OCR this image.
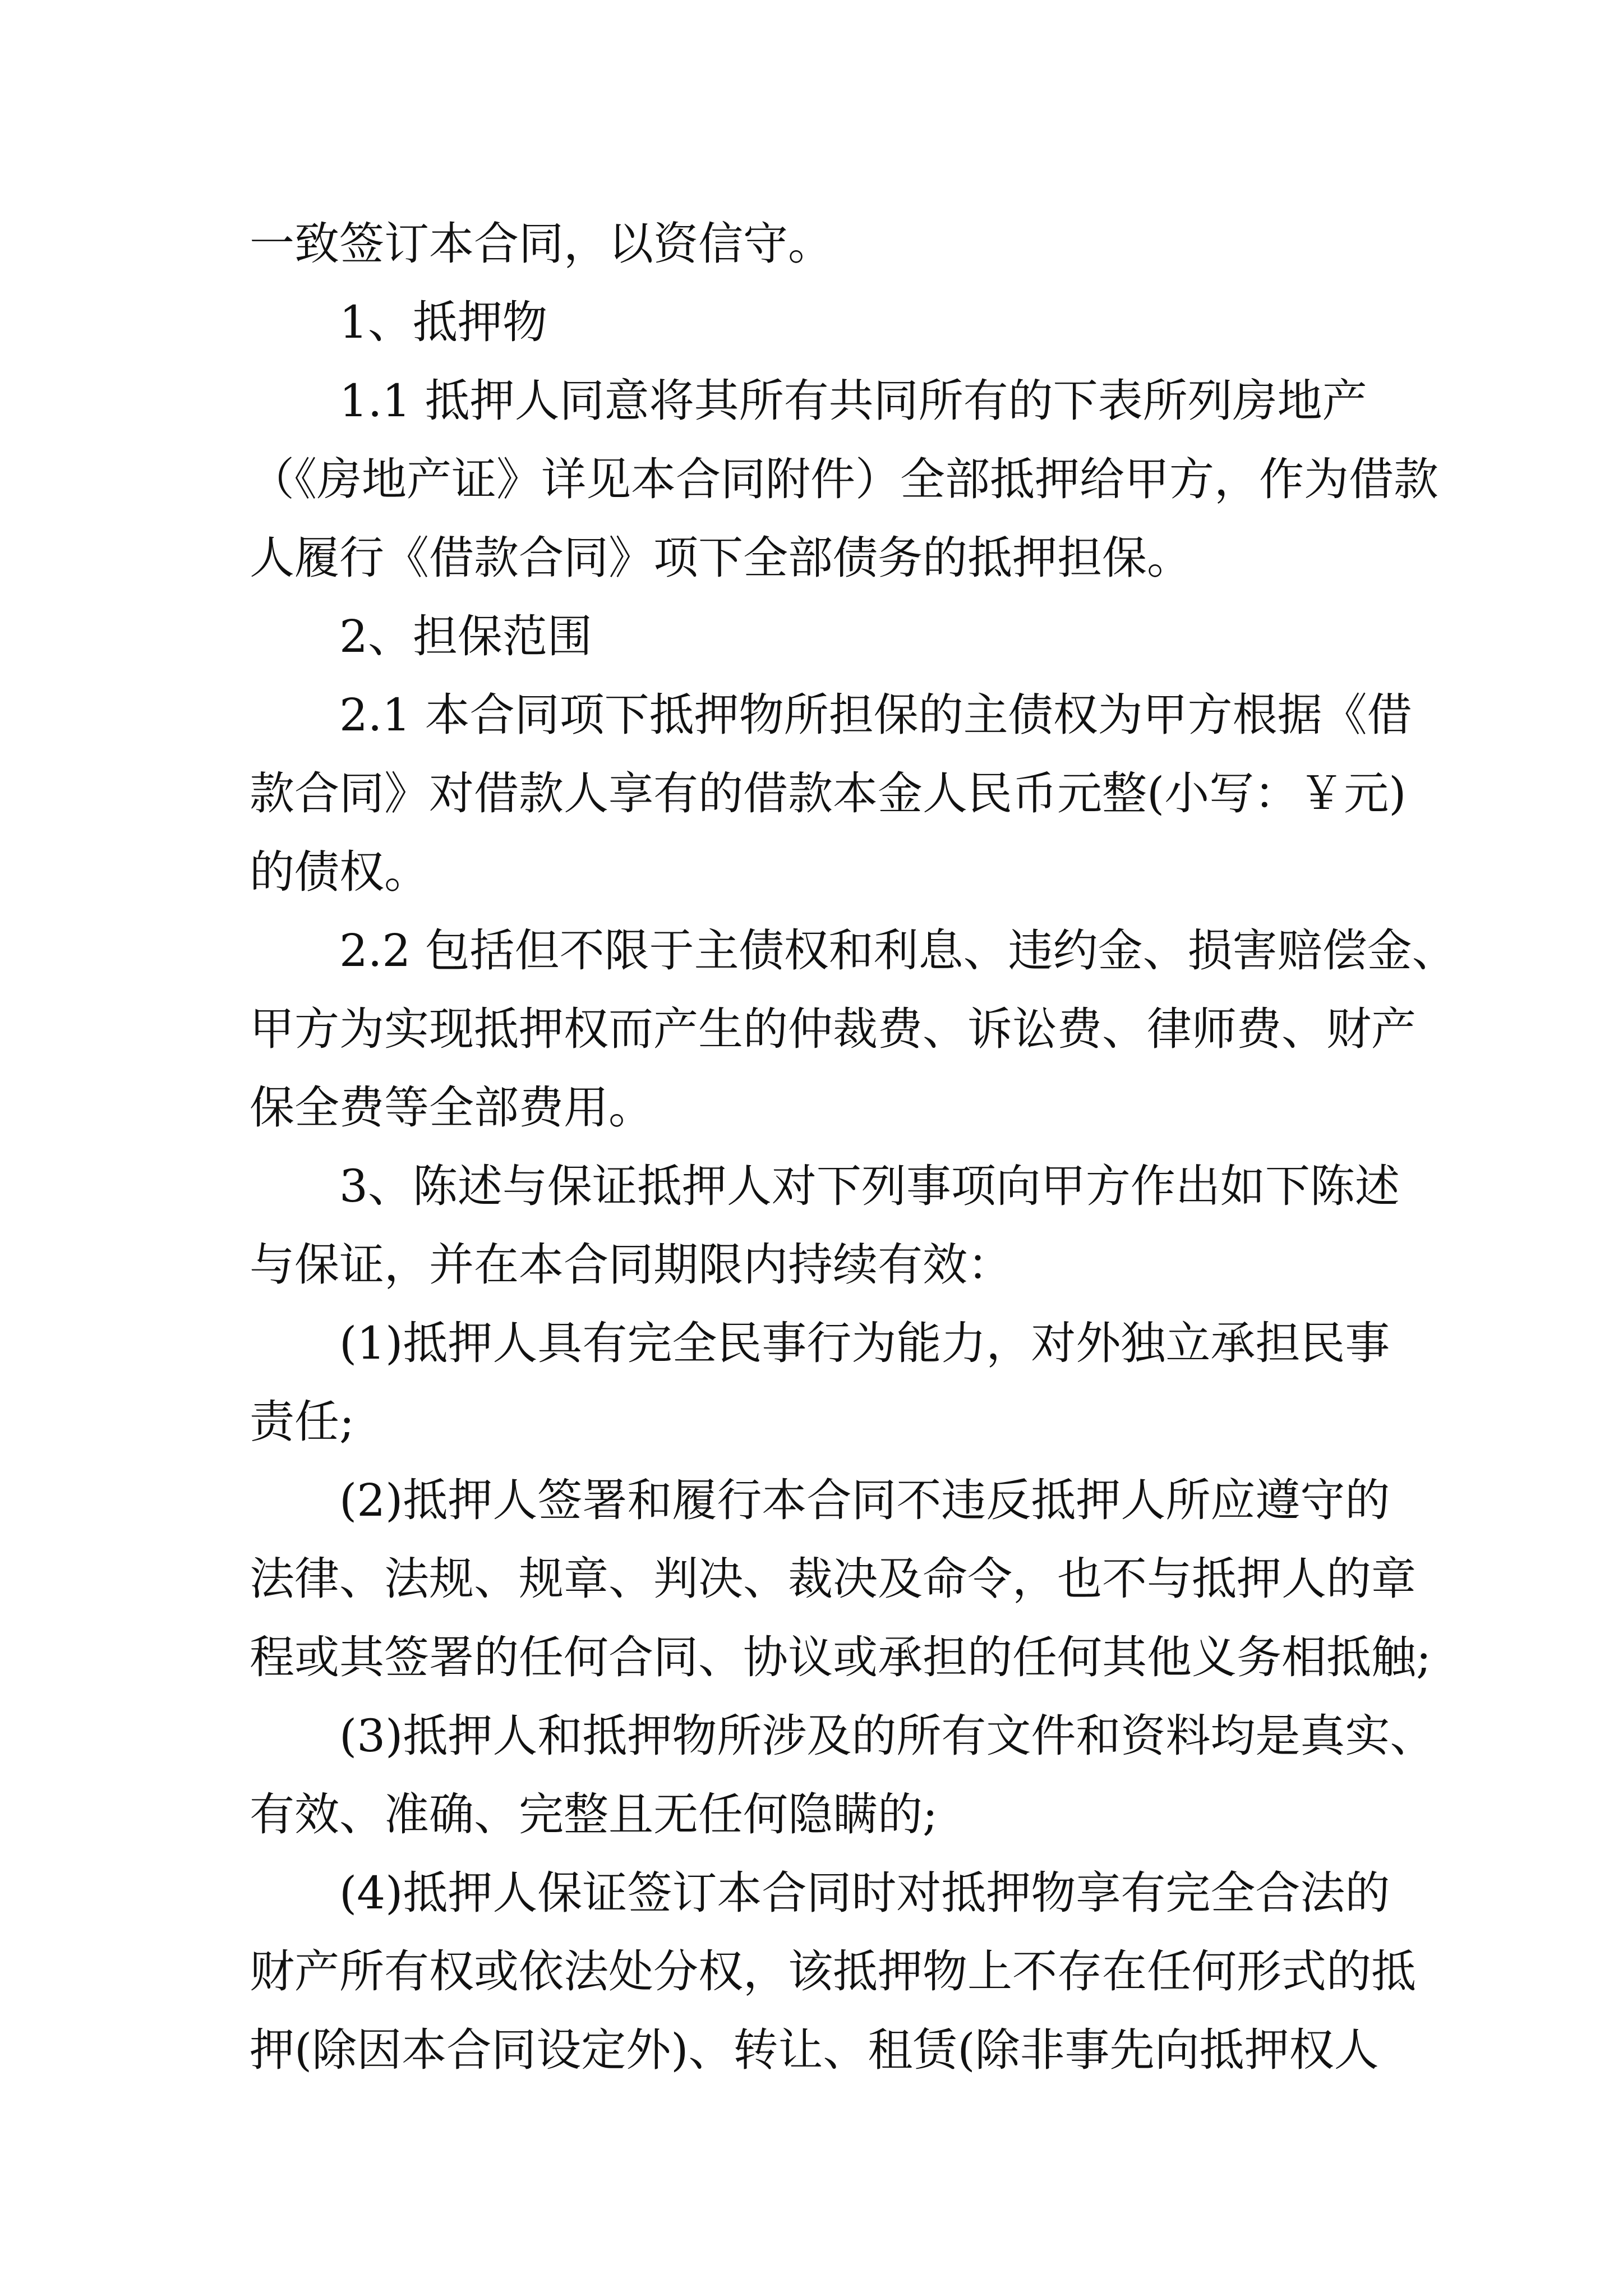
一致签订本合同，以资信守。
　　1、抵押物
　　1.1 抵押人同意将其所有共同所有的下表所列房地产
（《房地产证》详见本合同附件）全部抵押给甲方，作为借款
人履行《借款合同》项下全部债务的抵押担保。
　　2、担保范围
　　2.1 本合同项下抵押物所担保的主债权为甲方根据《借
款合同》对借款人享有的借款本金人民币元整(小写：￥元)
的债权。
　　2.2 包括但不限于主债权和利息、违约金、损害赔偿金、
甲方为实现抵押权而产生的仲裁费、诉讼费、律师费、财产
保全费等全部费用。
　　3、陈述与保证抵押人对下列事项向甲方作出如下陈述
与保证，并在本合同期限内持续有效：
　　(1)抵押人具有完全民事行为能力，对外独立承担民事
责任;
　　(2)抵押人签署和履行本合同不违反抵押人所应遵守的
法律、法规、规章、判决、裁决及命令，也不与抵押人的章
程或其签署的任何合同、协议或承担的任何其他义务相抵触;
　　(3)抵押人和抵押物所涉及的所有文件和资料均是真实、
有效、准确、完整且无任何隐瞒的;
　　(4)抵押人保证签订本合同时对抵押物享有完全合法的
财产所有权或依法处分权，该抵押物上不存在任何形式的抵
押(除因本合同设定外)、转让、租赁(除非事先向抵押权人
